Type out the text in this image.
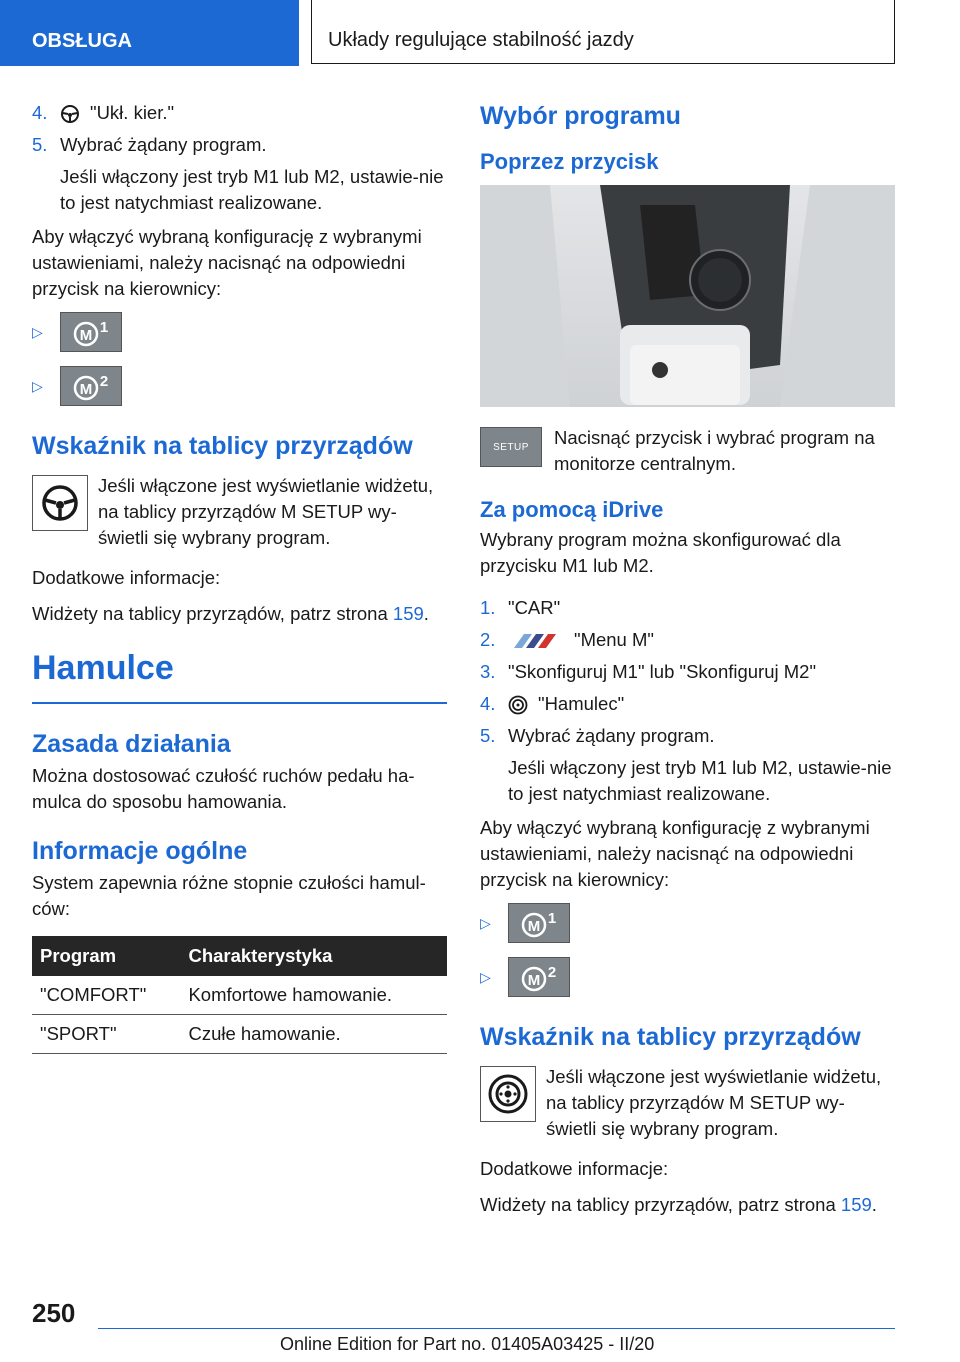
OBSŁUGA	Układy regulujące stabilność jazdy
4.	"Ukł. kier."
5. Wybrać żądany program.
Jeśli włączony jest tryb M1 lub M2, ustawie-nie to jest natychmiast realizowane.

Aby włączyć wybraną konfigurację z wybranymi ustawieniami, należy nacisnąć na odpowiedni przycisk na kierownicy:

▷	M 1
▷	M 2
Wskaźnik na tablicy przyrządów
Jeśli włączone jest wyświetlanie widżetu, na tablicy przyrządów M SETUP wy-świetli się wybrany program.

Dodatkowe informacje:

Widżety na tablicy przyrządów, patrz strona 159.

Hamulce
Zasada działania

Można dostosować czułość ruchów pedału ha-mulca do sposobu hamowania.

Informacje ogólne

System zapewnia różne stopnie czułości hamul-ców:

Program	Charakterystyka
"COMFORT"	Komfortowe hamowanie.
"SPORT"	Czułe hamowanie.
Wybór programu
Poprzez przycisk
SETUP	Nacisnąć przycisk i wybrać program na monitorze centralnym.
Za pomocą iDrive

Wybrany program można skonfigurować dla przycisku M1 lub M2.

1. "CAR"
2.	"Menu M"
3. "Skonfiguruj M1" lub "Skonfiguruj M2"
4.	"Hamulec"
5. Wybrać żądany program.
Jeśli włączony jest tryb M1 lub M2, ustawie-nie to jest natychmiast realizowane.

Aby włączyć wybraną konfigurację z wybranymi ustawieniami, należy nacisnąć na odpowiedni przycisk na kierownicy:

▷	M 1
▷	M 2
Wskaźnik na tablicy przyrządów
Jeśli włączone jest wyświetlanie widżetu, na tablicy przyrządów M SETUP wy-świetli się wybrany program.

Dodatkowe informacje:

Widżety na tablicy przyrządów, patrz strona 159.

250
Online Edition for Part no. 01405A03425 - II/20
